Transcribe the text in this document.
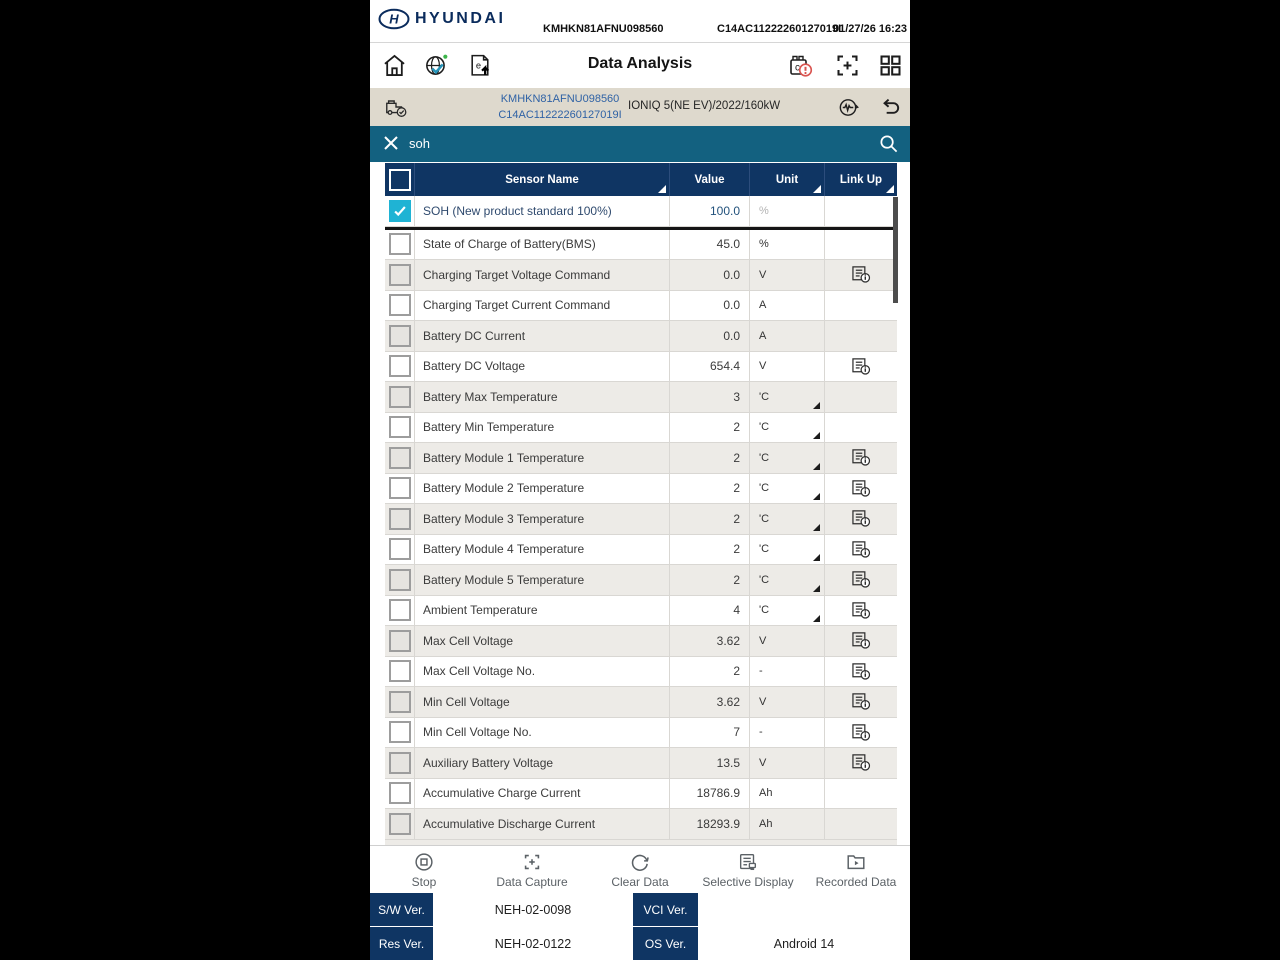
H HYUNDAI
KMHKN81AFNU098560	C14AC11222260127019I
01/27/26 16:23
Data Analysis
e	c
KMHKN81AFNU098560
C14AC11222260127019I
IONIQ 5(NE EV)/2022/160kW
soh
Sensor Name	Value	Unit	Link Up
SOH (New product standard 100%)	100.0 %
State of Charge of Battery(BMS)	45.0 %
Charging Target Voltage Command	0.0 V
Charging Target Current Command	0.0 A
Battery DC Current	0.0 A
Battery DC Voltage	654.4 V
Battery Max Temperature	3 'C
Battery Min Temperature	2 'C
Battery Module 1 Temperature	2 'C
Battery Module 2 Temperature	2 'C
Battery Module 3 Temperature	2 'C
Battery Module 4 Temperature	2 'C
Battery Module 5 Temperature	2 'C
Ambient Temperature	4 'C
Max Cell Voltage	3.62 V
Max Cell Voltage No.	2 -
Min Cell Voltage	3.62 V
Min Cell Voltage No.	7 -
Auxiliary Battery Voltage	13.5 V
Accumulative Charge Current	18786.9 Ah
Accumulative Discharge Current	18293.9 Ah
Stop	Data Capture	Clear Data	Selective Display Recorded Data
S/W Ver.	NEH-02-0098	VCI Ver.
Res Ver.	NEH-02-0122	OS Ver.	Android 14
